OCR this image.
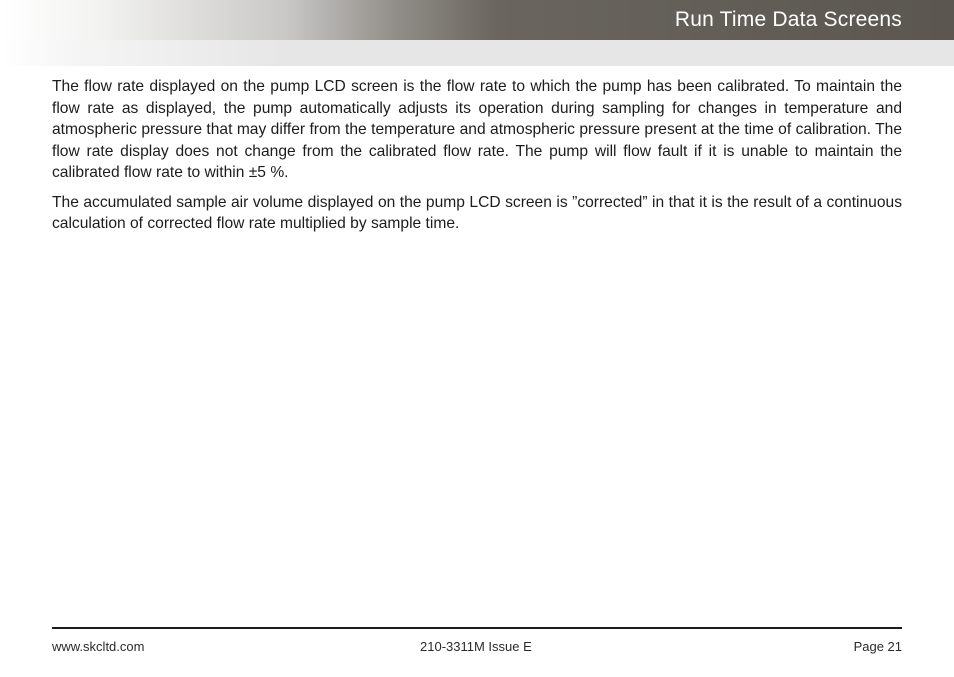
Run Time Data Screens

The flow rate displayed on the pump LCD screen is the flow rate to which the pump has been calibrated. To maintain the flow rate as displayed, the pump automatically adjusts its operation during sampling for changes in temperature and atmospheric pressure that may differ from the temperature and atmospheric pressure present at the time of calibration. The flow rate display does not change from the calibrated flow rate. The pump will flow fault if it is unable to maintain the calibrated flow rate to within ±5 %.

The accumulated sample air volume displayed on the pump LCD screen is ”corrected” in that it is the result of a continuous calculation of corrected flow rate multiplied by sample time.

www.skcltd.com	210-3311M Issue E	Page 21
